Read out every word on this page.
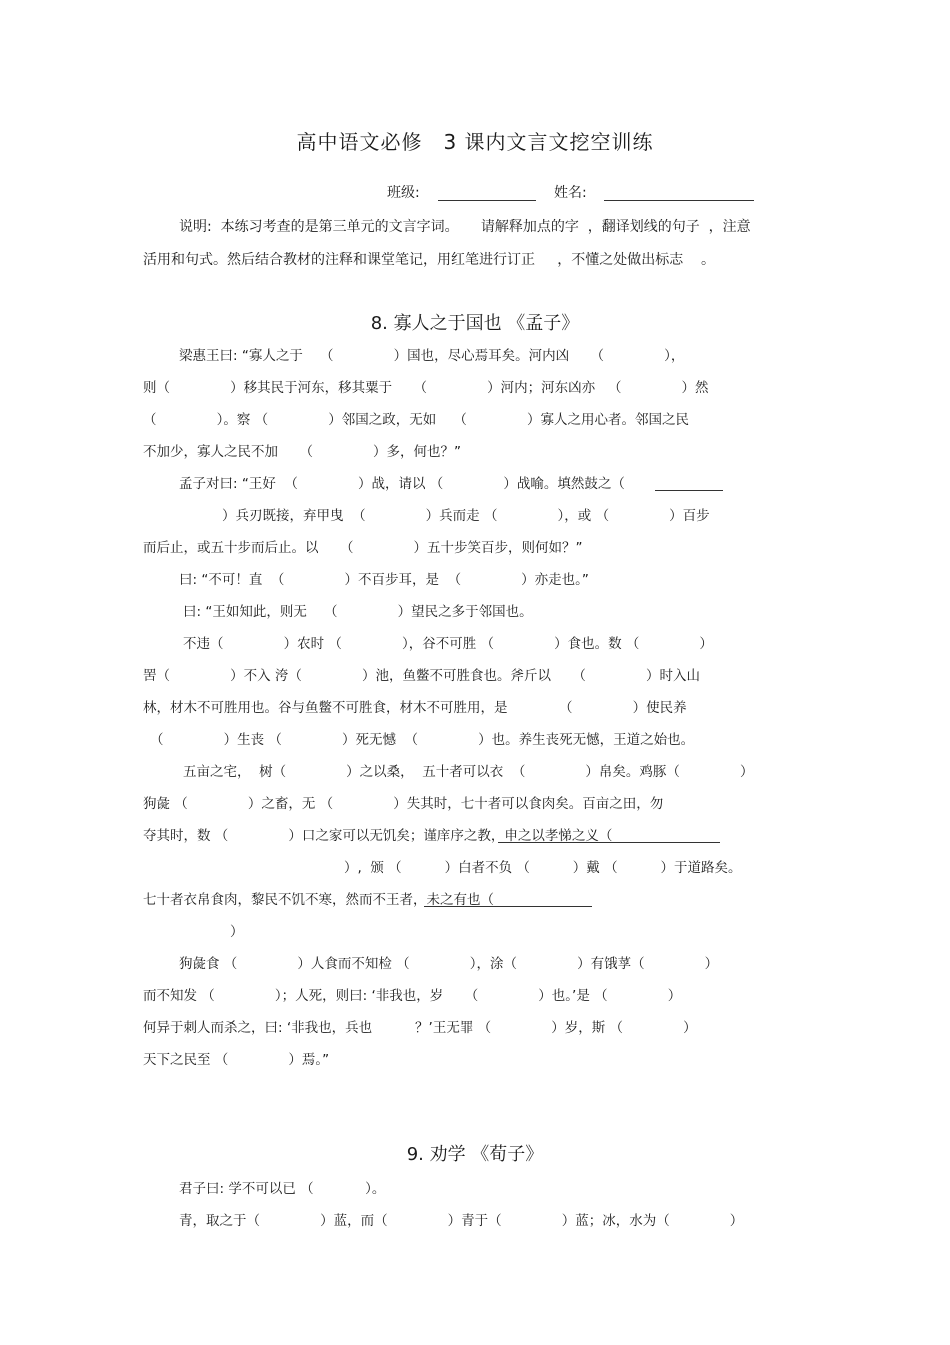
高中语文必修　3 课内文言文挖空训练
班级:	姓名:
说明:  本练习考查的是第三单元的文言字词。     请解释加点的字  ，翻译划线的句子  ，注意
活用和句式。然后结合教材的注释和课堂笔记，用红笔进行订正     ，不懂之处做出标志    。
8. 寡人之于国也 《孟子》
梁惠王曰: “寡人之于    （              ）国也，尽心焉耳矣。河内凶     （              ），
则（              ）移其民于河东，移其粟于     （              ）河内；河东凶亦   （              ）然
（              ）。察 （              ）邻国之政，无如    （              ）寡人之用心者。邻国之民
不加少，寡人之民不加     （              ）多，何也？”
孟子对曰: “王好  （              ）战，请以 （              ）战喻。填然鼓之（
）兵刃既接，弃甲曳  （              ）兵而走 （              ），或 （              ）百步
而后止，或五十步而后止。以     （              ）五十步笑百步，则何如？”
曰: “不可！直  （              ）不百步耳，是  （              ）亦走也。”
曰: “王如知此，则无    （              ）望民之多于邻国也。
不违（              ）农时 （              ），谷不可胜 （              ）食也。数 （              ）
罟（              ）不入 洿（              ）池，鱼鳖不可胜食也。斧斤以     （              ）时入山
林，材木不可胜用也。谷与鱼鳖不可胜食，材木不可胜用，是            （              ）使民养
（              ）生丧 （              ）死无憾  （              ）也。养生丧死无憾，王道之始也。
五亩之宅，  树（              ）之以桑，  五十者可以衣  （              ）帛矣。鸡豚（              ）
狗彘 （              ）之畜，无 （              ）失其时，七十者可以食肉矣。百亩之田，勿
夺其时，数 （              ）口之家可以无饥矣；谨庠序之教，申之以孝悌之义（
）,  颁 （          ）白者不负 （          ）戴 （          ）于道路矣。
七十者衣帛食肉，黎民不饥不寒，然而不王者，未之有也（
）
狗彘食 （              ）人食而不知检 （              ），涂（              ）有饿莩（              ）
而不知发 （              ）；人死，则曰: ‘非我也，岁     （              ）也。’是 （              ）
何异于刺人而杀之，曰: ‘非我也，兵也          ？’王无罪 （              ）岁，斯 （              ）
天下之民至 （              ）焉。”
9. 劝学 《荀子》
君子曰: 学不可以已 （            ）。
青，取之于（              ）蓝，而（              ）青于（              ）蓝；冰，水为（              ）
